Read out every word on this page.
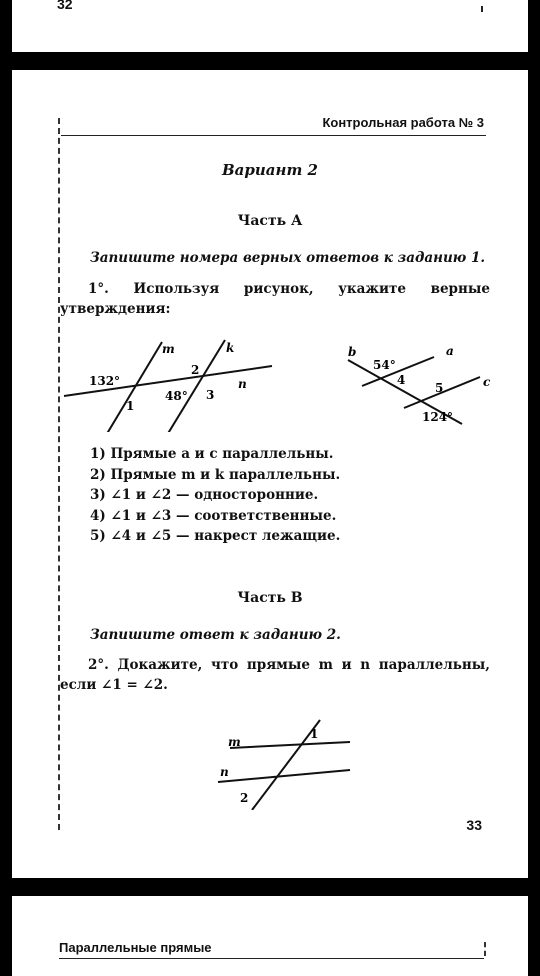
32
Контрольная работа № 3
Вариант 2
Часть А
Запишите номера верных ответов к заданию 1.
1°. Используя рисунок, укажите верные утверждения:
m	k
n
132°
48°
1
2
3
b	a
c
54°
4
5
124°
1) Прямые a и c параллельны.
2) Прямые m и k параллельны.
3) ∠1 и ∠2 — односторонние.
4) ∠1 и ∠3 — соответственные.
5) ∠4 и ∠5 — накрест лежащие.
Часть В
Запишите ответ к заданию 2.
2°. Докажите, что прямые m и n параллельны, если ∠1 = ∠2.
m
n
1
2
33
Параллельные прямые
